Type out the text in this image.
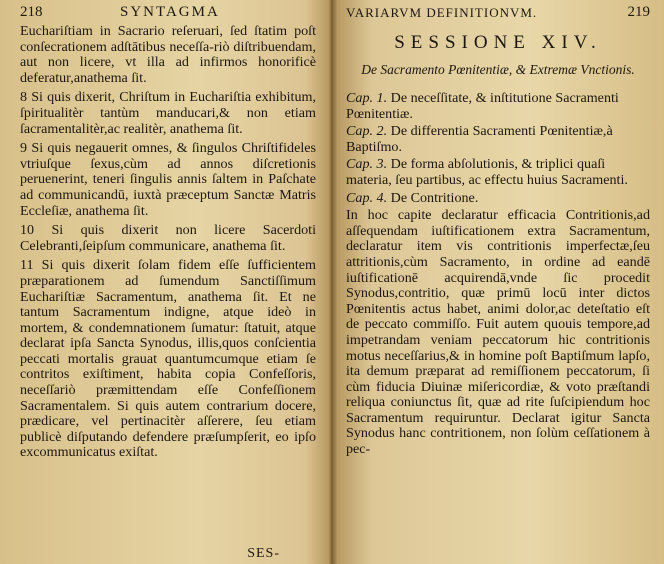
218	SYNTAGMA

Euchariſtiam in Sacrario reſeruari, ſed ſtatim poſt conſecrationem adſtātibus neceſſa-riò diſtribuendam, aut non licere, vt illa ad infirmos honorificè deferatur,anathema ſit.

8 Si quis dixerit, Chriſtum in Euchariſtia exhibitum, ſpiritualitèr tantùm manducari,& non etiam ſacramentalitèr,ac realitèr, anathema ſit.

9 Si quis negauerit omnes, & ſingulos Chriſtifideles vtriuſque ſexus,cùm ad annos diſcretionis peruenerint, teneri ſingulis annis ſaltem in Paſchate ad communicandū, iuxtà præceptum Sanctæ Matris Eccleſiæ, anathema ſit.

10 Si quis dixerit non licere Sacerdoti Celebranti,ſeipſum communicare, anathema ſit.

11 Si quis dixerit ſolam fidem eſſe ſufficientem præparationem ad ſumendum Sanctiſſimum Euchariſtiæ Sacramentum, anathema ſit. Et ne tantum Sacramentum indigne, atque ideò in mortem, & condemnationem ſumatur: ſtatuit, atque declarat ipſa Sancta Synodus, illis,quos conſcientia peccati mortalis grauat quantumcumque etiam ſe contritos exiſtiment, habita copia Confeſſoris, neceſſariò præmittendam eſſe Confeſſionem Sacramentalem. Si quis autem contrarium docere, prædicare, vel pertinacitèr aſſerere, ſeu etiam publicè diſputando defendere præſumpſerit, eo ipſo excommunicatus exiſtat.

SES-
VARIARVM DEFINITIONVM.	219
SESSIONE XIV.
De Sacramento Pœnitentiæ, & Extremæ Vnctionis.
Cap. 1. De neceſſitate, & inſtitutione Sacramenti Pœnitentiæ.
Cap. 2. De differentia Sacramenti Pœnitentiæ,à Baptiſmo.
Cap. 3. De forma abſolutionis, & triplici quaſi materia, ſeu partibus, ac effectu huius Sacramenti.
Cap. 4. De Contritione.
In hoc capite declaratur efficacia Contritionis,ad aſſequendam iuſtificationem extra Sacramentum, declaratur item vis contritionis imperfectæ,ſeu attritionis,cùm Sacramento, in ordine ad eandē iuſtificationē acquirendā,vnde ſic procedit Synodus,contritio, quæ primū locū inter dictos Pœnitentis actus habet, animi dolor,ac deteſtatio eſt de peccato commiſſo. Fuit autem quouis tempore,ad impetrandam veniam peccatorum hic contritionis motus neceſſarius,& in homine poſt Baptiſmum lapſo, ita demum præparat ad remiſſionem peccatorum, ſi cùm fiducia Diuinæ miſericordiæ, & voto præſtandi reliqua coniunctus ſit, quæ ad rite ſuſcipiendum hoc Sacramentum requiruntur. Declarat igitur Sancta Synodus hanc contritionem, non ſolùm ceſſationem à pec-
